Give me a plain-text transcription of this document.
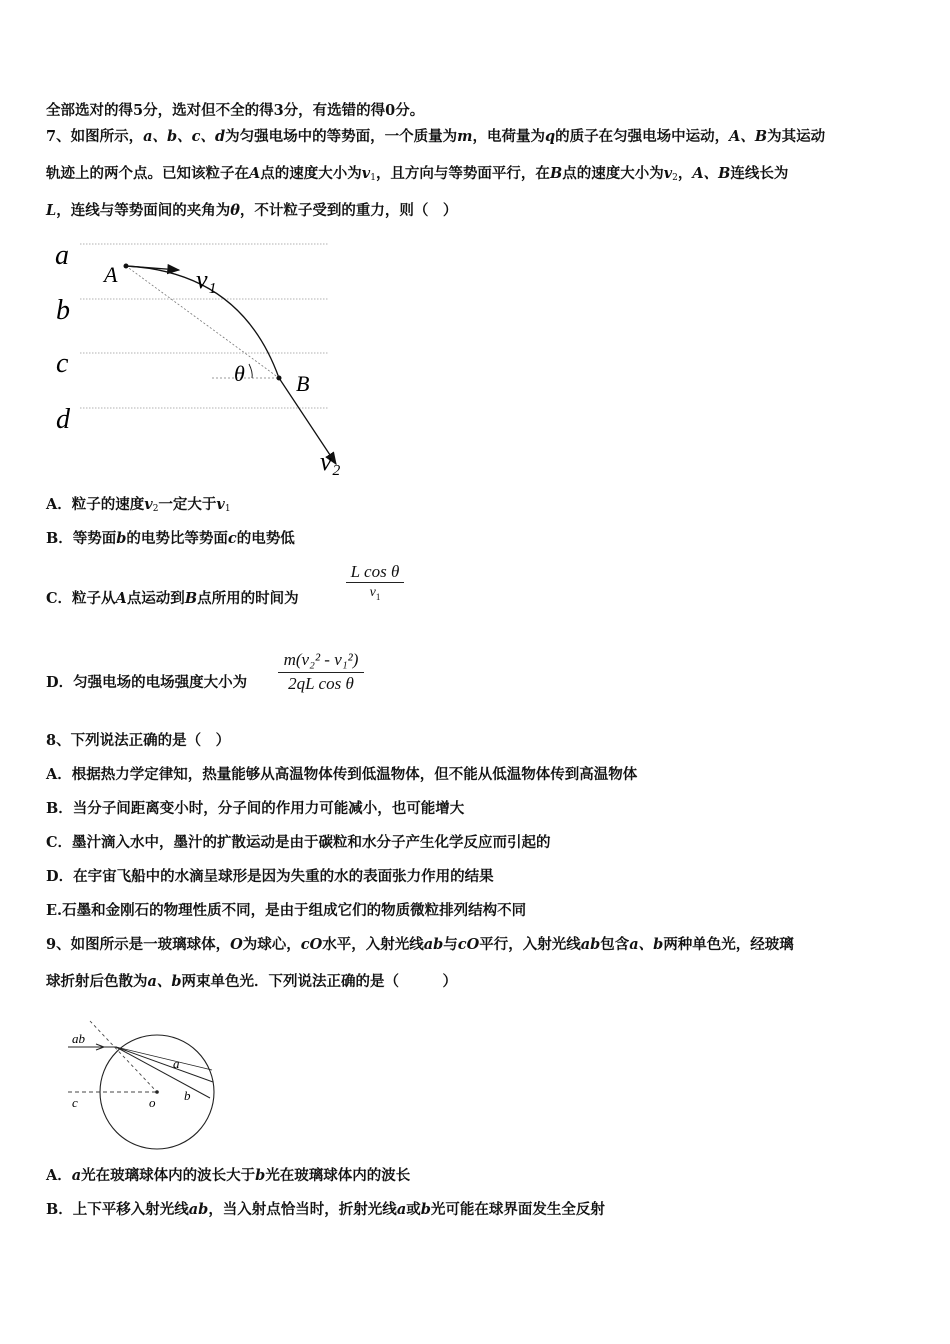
全部选对的得5分，选对但不全的得3分，有选错的得0分。
7、如图所示，a、b、c、d为匀强电场中的等势面，一个质量为m，电荷量为q的质子在匀强电场中运动，A、B为其运动
轨迹上的两个点。已知该粒子在A点的速度大小为$v_1$，且方向与等势面平行，在B点的速度大小为$v_2$，A、B连线长为
L，连线与等势面间的夹角为θ，不计粒子受到的重力，则（　）
a
b
c
d
A	v₁
θ B
v₂
A．粒子的速度$v_2$一定大于$v_1$
B．等势面b的电势比等势面c的电势低
C．粒子从A点运动到B点所用的时间为
L cos θ
$v_1$
D．匀强电场的电场强度大小为
m(v₂² - v₁²)
2qL cos θ
8、下列说法正确的是（　）
A．根据热力学定律知，热量能够从高温物体传到低温物体，但不能从低温物体传到高温物体
B．当分子间距离变小时，分子间的作用力可能减小，也可能增大
C．墨汁滴入水中，墨汁的扩散运动是由于碳粒和水分子产生化学反应而引起的
D．在宇宙飞船中的水滴呈球形是因为失重的水的表面张力作用的结果
E.石墨和金刚石的物理性质不同，是由于组成它们的物质微粒排列结构不同
9、如图所示是一玻璃球体，O为球心，cO水平，入射光线ab与cO平行，入射光线ab包含a、b两种单色光，经玻璃
球折射后色散为a、b两束单色光．下列说法正确的是（　　　）
ab
c	o
a
b
A．a光在玻璃球体内的波长大于b光在玻璃球体内的波长
B．上下平移入射光线ab，当入射点恰当时，折射光线a或b光可能在球界面发生全反射
